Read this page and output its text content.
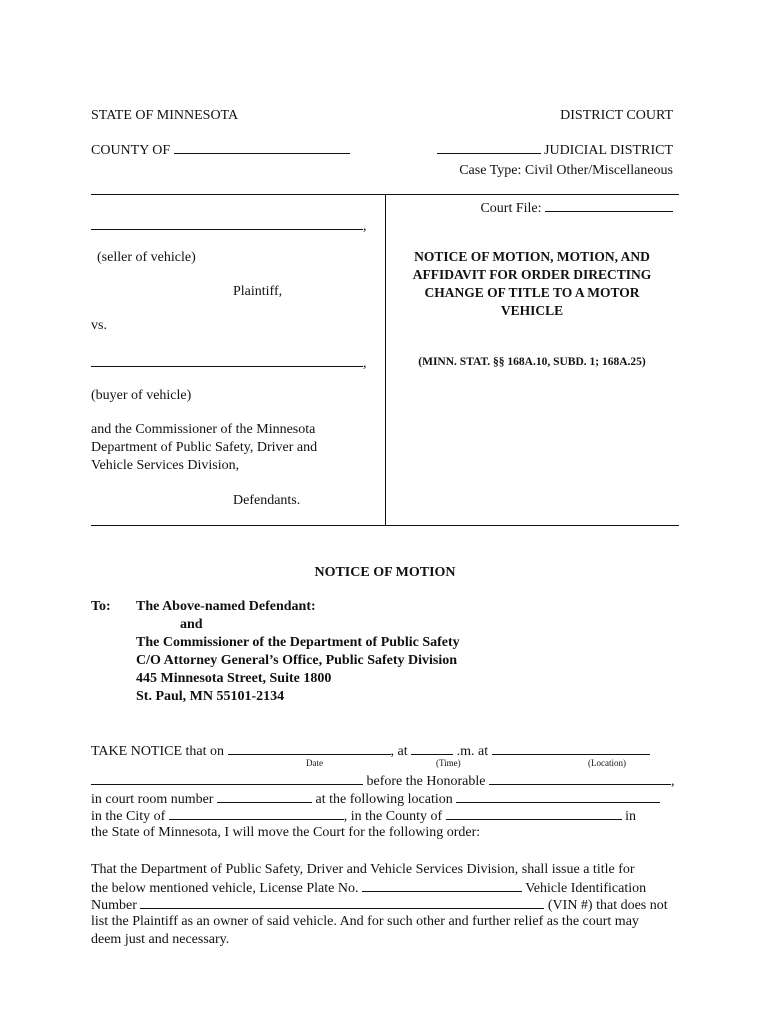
STATE OF MINNESOTA	DISTRICT COURT
COUNTY OF	JUDICIAL DISTRICT
Case Type: Civil Other/Miscellaneous
,
(seller of vehicle)
Plaintiff,
vs.
,
(buyer of vehicle)
and the Commissioner of the Minnesota
Department of Public Safety, Driver and
Vehicle Services Division,
Defendants.
Court File:
NOTICE OF MOTION, MOTION, AND
AFFIDAVIT FOR ORDER DIRECTING
CHANGE OF TITLE TO A MOTOR
VEHICLE
(MINN. STAT. §§ 168A.10, SUBD. 1; 168A.25)
NOTICE OF MOTION
To: The Above-named Defendant:
and
The Commissioner of the Department of Public Safety
C/O Attorney General’s Office, Public Safety Division
445 Minnesota Street, Suite 1800
St. Paul, MN 55101-2134
TAKE NOTICE that on	, at	.m. at
Date	(Time)	(Location)
before the Honorable	,
in court room number	at the following location
in the City of	, in the County of	in
the State of Minnesota, I will move the Court for the following order:
That the Department of Public Safety, Driver and Vehicle Services Division, shall issue a title for
the below mentioned vehicle, License Plate No.	Vehicle Identification
Number	(VIN #) that does not
list the Plaintiff as an owner of said vehicle. And for such other and further relief as the court may
deem just and necessary.
